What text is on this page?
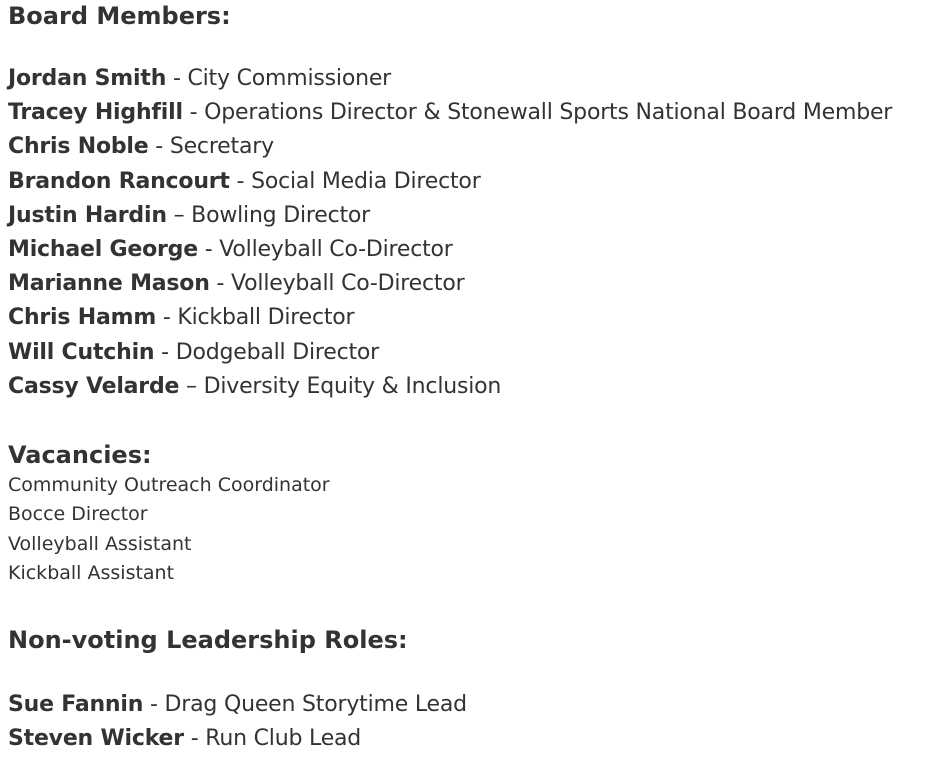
Board Members:
Jordan Smith - City Commissioner
Tracey Highfill - Operations Director & Stonewall Sports National Board Member
Chris Noble - Secretary
Brandon Rancourt - Social Media Director
Justin Hardin – Bowling Director
Michael George - Volleyball Co-Director
Marianne Mason - Volleyball Co-Director
Chris Hamm - Kickball Director
Will Cutchin - Dodgeball Director
Cassy Velarde – Diversity Equity & Inclusion
Vacancies:
Community Outreach Coordinator
Bocce Director
Volleyball Assistant
Kickball Assistant
Non-voting Leadership Roles:
Sue Fannin - Drag Queen Storytime Lead
Steven Wicker - Run Club Lead
